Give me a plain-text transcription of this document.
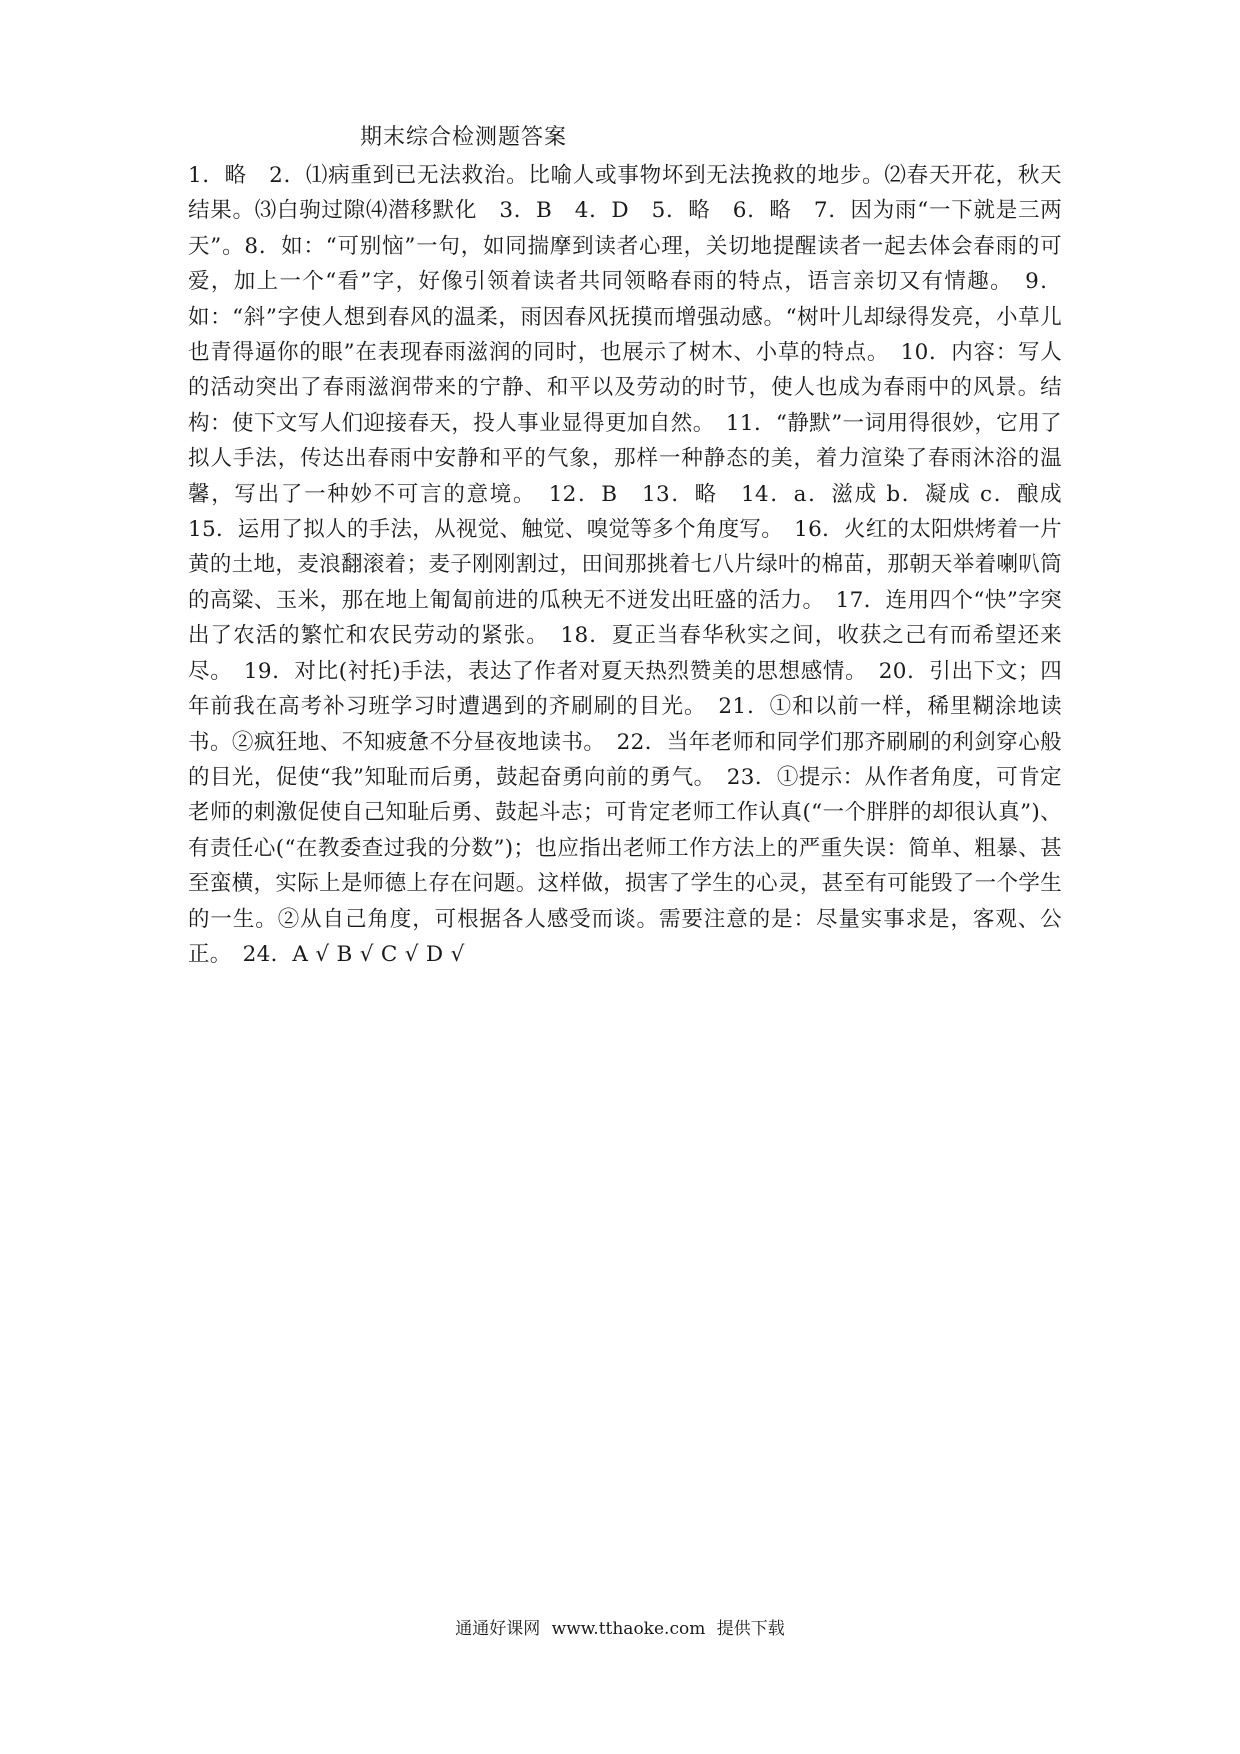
期末综合检测题答案
1．略　2．⑴病重到已无法救治。比喻人或事物坏到无法挽救的地步。⑵春天开花，秋天结果。⑶白驹过隙⑷潜移默化　3．B　4．D　5．略　6．略　7．因为雨“一下就是三两天”。8．如：“可别恼”一句，如同揣摩到读者心理，关切地提醒读者一起去体会春雨的可爱，加上一个“看”字，好像引领着读者共同领略春雨的特点，语言亲切又有情趣。　 9．如：“斜”字使人想到春风的温柔，雨因春风抚摸而增强动感。“树叶儿却绿得发亮，小草儿也青得逼你的眼”在表现春雨滋润的同时，也展示了树木、小草的特点。　 10．内容：写人的活动突出了春雨滋润带来的宁静、和平以及劳动的时节，使人也成为春雨中的风景。结构：使下文写人们迎接春天，投人事业显得更加自然。　 11．“静默”一词用得很妙，它用了拟人手法，传达出春雨中安静和平的气象，那样一种静态的美，着力渲染了春雨沐浴的温馨，写出了一种妙不可言的意境。　 12．B　13．略　14．a．滋成 b．凝成 c．酿成　15．运用了拟人的手法，从视觉、触觉、嗅觉等多个角度写。　 16．火红的太阳烘烤着一片黄的土地，麦浪翻滚着；麦子刚刚割过，田间那挑着七八片绿叶的棉苗，那朝天举着喇叭筒的高粱、玉米，那在地上匍匐前进的瓜秧无不迸发出旺盛的活力。　 17．连用四个“快”字突出了农活的繁忙和农民劳动的紧张。　 18．夏正当春华秋实之间，收获之己有而希望还来尽。　 19．对比(衬托)手法，表达了作者对夏天热烈赞美的思想感情。　 20．引出下文；四年前我在高考补习班学习时遭遇到的齐刷刷的目光。　 21．①和以前一样，稀里糊涂地读书。②疯狂地、不知疲惫不分昼夜地读书。　 22．当年老师和同学们那齐刷刷的利剑穿心般的目光，促使“我”知耻而后勇，鼓起奋勇向前的勇气。　 23．①提示：从作者角度，可肯定老师的刺激促使自己知耻后勇、鼓起斗志；可肯定老师工作认真(“一个胖胖的却很认真”)、有责任心(“在教委查过我的分数”)；也应指出老师工作方法上的严重失误：简单、粗暴、甚至蛮横，实际上是师德上存在问题。这样做，损害了学生的心灵，甚至有可能毁了一个学生的一生。②从自己角度，可根据各人感受而谈。需要注意的是：尽量实事求是，客观、公正。　 24．A √ B √ C √ D √
通通好课网 www.tthaoke.com 提供下载
